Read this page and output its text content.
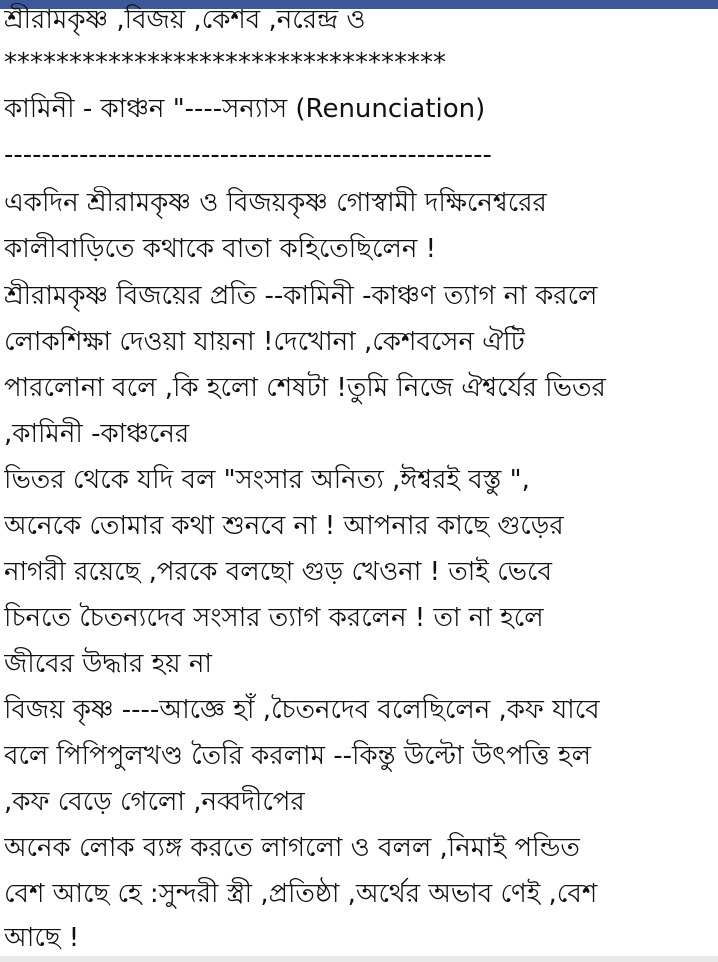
শ্রীরামকৃষ্ণ ,বিজয় ,কেশব ,নরেন্দ্র ও
**********************************
কামিনী - কাঞ্চন "----সন্যাস (Renunciation)
----------------------------------------------------
একদিন শ্রীরামকৃষ্ণ ও বিজয়কৃষ্ণ গোস্বামী দক্ষিনেশ্বরের
কালীবাড়িতে কথাকে বাতা কহিতেছিলেন !
শ্রীরামকৃষ্ণ বিজয়ের প্রতি --কামিনী -কাঞ্চণ ত্যাগ না করলে
লোকশিক্ষা দেওয়া যায়না !দেখোনা ,কেশবসেন ঐটি
পারলোনা বলে ,কি হলো শেষটা !তুমি নিজে ঐশ্বর্যের ভিতর
,কামিনী -কাঞ্চনের
ভিতর থেকে যদি বল "সংসার অনিত্য ,ঈশ্বরই বস্তু ",
অনেকে তোমার কথা শুনবে না ! আপনার কাছে গুড়ের
নাগরী রয়েছে ,পরকে বলছো গুড় খেওনা ! তাই ভেবে
চিনতে চৈতন্যদেব সংসার ত্যাগ করলেন ! তা না হলে
জীবের উদ্ধার হয় না
বিজয় কৃষ্ণ ----আজ্ঞে হাঁ ,চৈতনদেব বলেছিলেন ,কফ যাবে
বলে পিপিপুলখণ্ড তৈরি করলাম --কিন্তু উল্টো উৎপত্তি হল
,কফ বেড়ে গেলো ,নব্বদীপের
অনেক লোক ব্যঙ্গ করতে লাগলো ও বলল ,নিমাই পন্ডিত
বেশ আছে হে :সুন্দরী স্ত্রী ,প্রতিষ্ঠা ,অর্থের অভাব ণেই ,বেশ
আছে !
